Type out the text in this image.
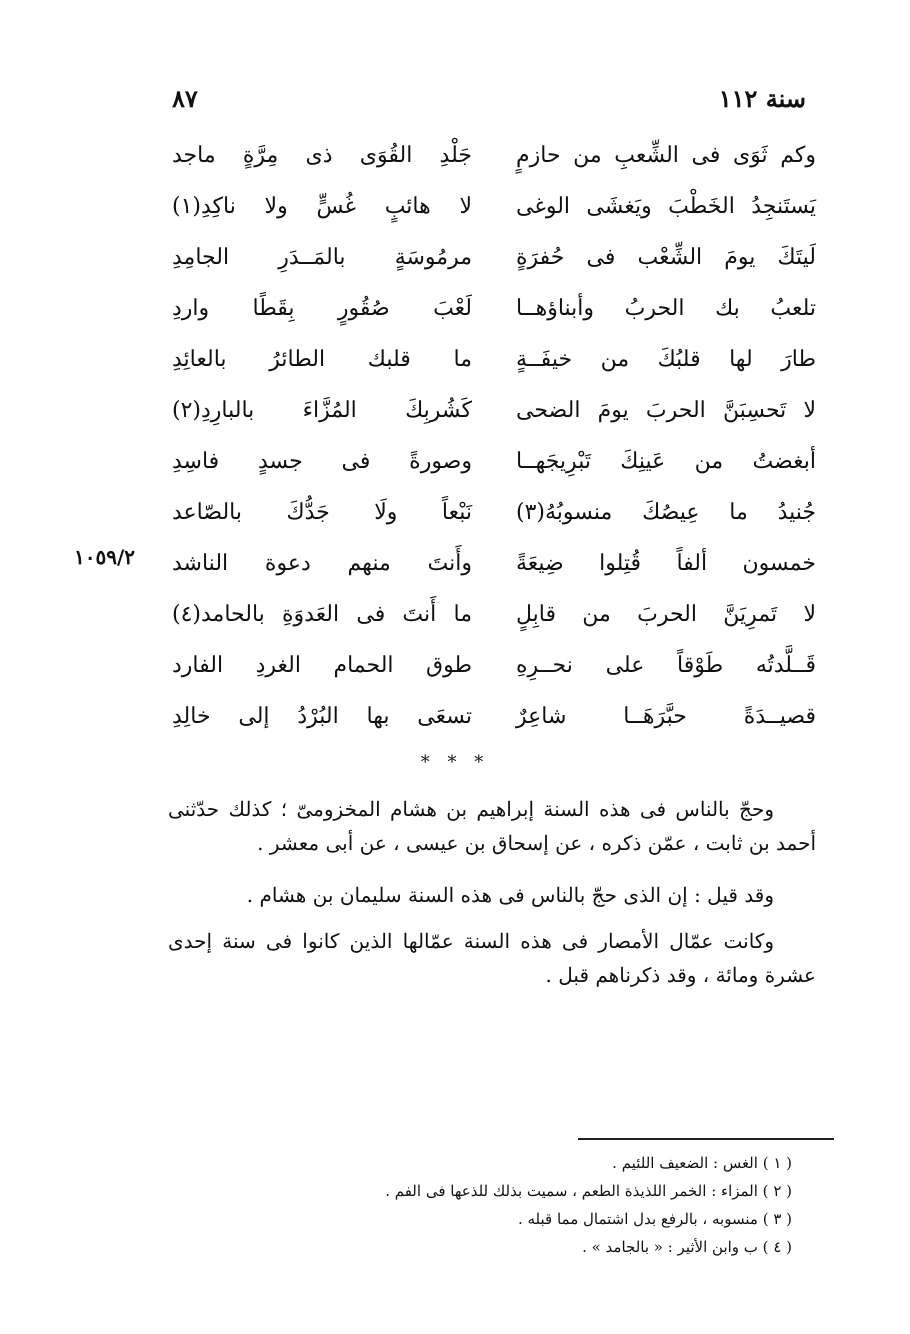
سنة ١١٢
٨٧
١٠٥٩/٢
وكم ثَوَى فى الشِّعبِ من حازمٍ
جَلْدِ القُوَى ذى مِرَّةٍ ماجد
يَستَنجِدُ الخَطْبَ ويَغشَى الوغى
لا هائبٍ غُسٍّ ولا ناكِدِ(١)
لَيتَكَ يومَ الشِّعْب فى حُفرَةٍ
مرمُوسَةٍ بالمَــدَرِ الجامِدِ
تلعبُ بك الحربُ وأبناؤهــا
لَعْبَ صُقُورٍ بِقَطًا واردِ
طارَ لها قلبُكَ من خيفَــةٍ
ما قلبك الطائرُ بالعائِدِ
لا تَحسِبَنَّ الحربَ يومَ الضحى
كَشُربِكَ المُزَّاءَ بالبارِدِ(٢)
أبغضتُ من عَينِكَ تَبْرِيجَهــا
وصورةً فى جسدٍ فاسِدِ
جُنيدُ ما عِيصُكَ منسوبُهُ(٣)
نَبْعاً ولَا جَدُّكَ بالصّاعد
خمسون ألفاً قُتِلوا ضِيعَةً
وأَنتَ منهم دعوة الناشد
لا تَمرِيَنَّ الحربَ من قابِلٍ
ما أَنتَ فى العَدوَةِ بالحامد(٤)
قَــلَّدتُه طَوْقاً على نحــرِهِ
طوق الحمام الغردِ الفارد
قصيــدَةً حبَّرَهَــا شاعِرٌ
تسعَى بها البُرْدُ إلى خالِدِ
* * *
وحجّ بالناس فى هذه السنة إبراهيم بن هشام المخزومىّ ؛ كذلك حدّثنى
أحمد بن ثابت ، عمّن ذكره ، عن إسحاق بن عيسى ، عن أبى معشر .
وقد قيل : إن الذى حجّ بالناس فى هذه السنة سليمان بن هشام .
وكانت عمّال الأمصار فى هذه السنة عمّالها الذين كانوا فى سنة إحدى
عشرة ومائة ، وقد ذكرناهم قبل .
( ١ ) الغس : الضعيف اللئيم .
( ٢ ) المزاء : الخمر اللذيذة الطعم ، سميت بذلك للذعها فى الفم .
( ٣ ) منسوبه ، بالرفع بدل اشتمال مما قبله .
( ٤ ) ب وابن الأثير : « بالجامد » .
